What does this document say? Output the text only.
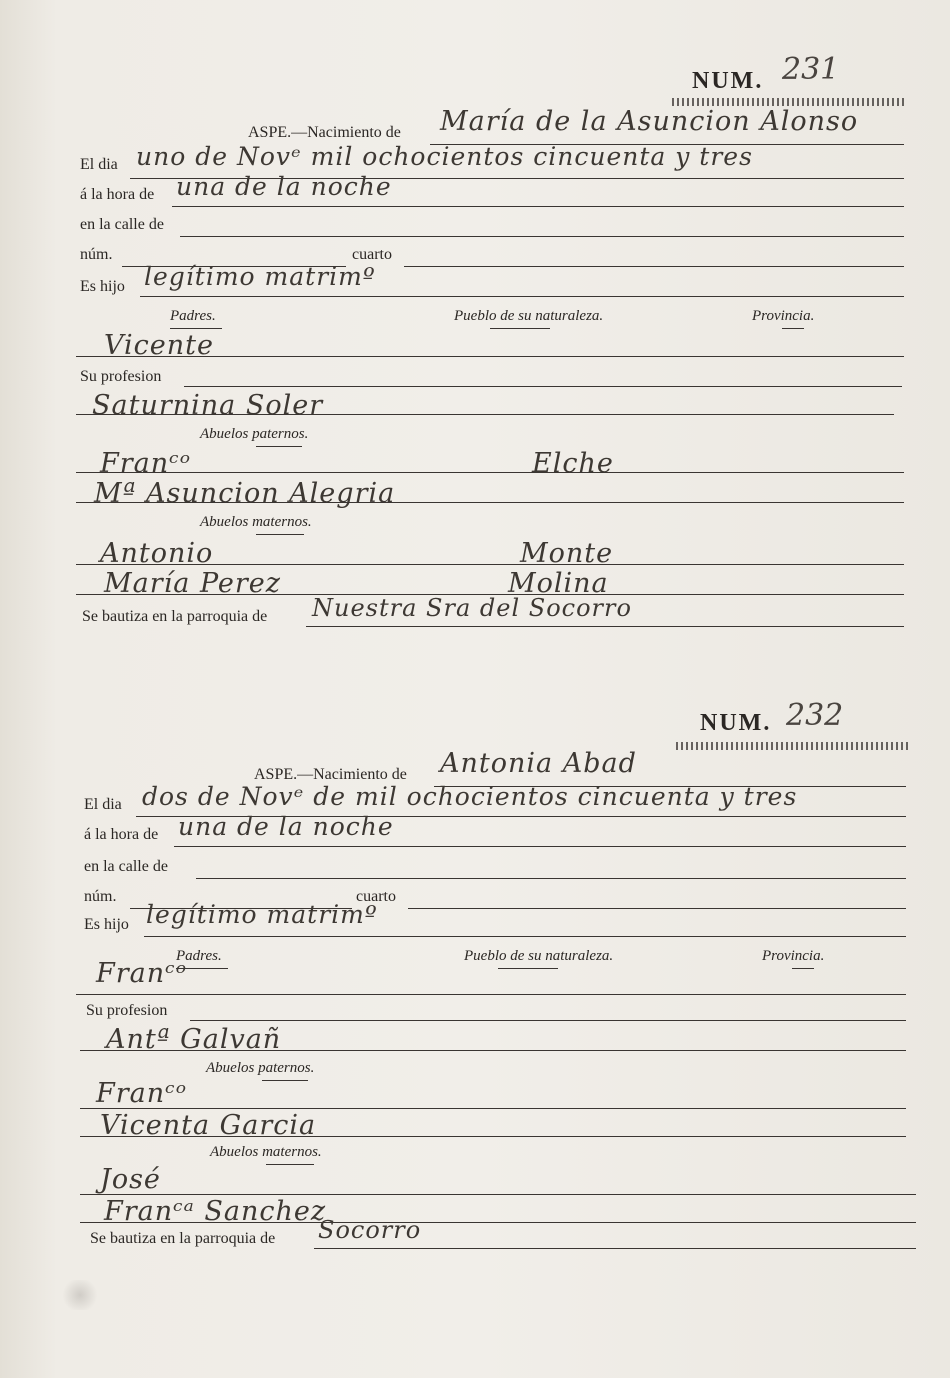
NUM. 231
ASPE.—Nacimiento de María de la Asuncion Alonso
El dia uno de Novᵉ mil ochocientos cincuenta y tres
á la hora de una de la noche
en la calle de
núm.	cuarto
Es hijo legítimo matrimº
Padres.	Pueblo de su naturaleza.	Provincia.
Vicente
Su profesion
Saturnina Soler
Abuelos paternos.
Franᶜᵒ	Elche
Mª Asuncion Alegria
Abuelos maternos.
Antonio	Monte
María Perez	Molina
Se bautiza en la parroquia de Nuestra Sra del Socorro
NUM. 232
ASPE.—Nacimiento de Antonia Abad
El dia dos de Novᵉ de mil ochocientos cincuenta y tres
á la hora de una de la noche
en la calle de
núm.	cuarto
Es hijo legítimo matrimº
Padres.	Pueblo de su naturaleza.	Provincia.
Franᶜᵒ
Su profesion
Antª Galvañ
Abuelos paternos.
Franᶜᵒ
Vicenta Garcia
Abuelos maternos.
José
Franᶜᵃ Sanchez
Se bautiza en la parroquia de Socorro
